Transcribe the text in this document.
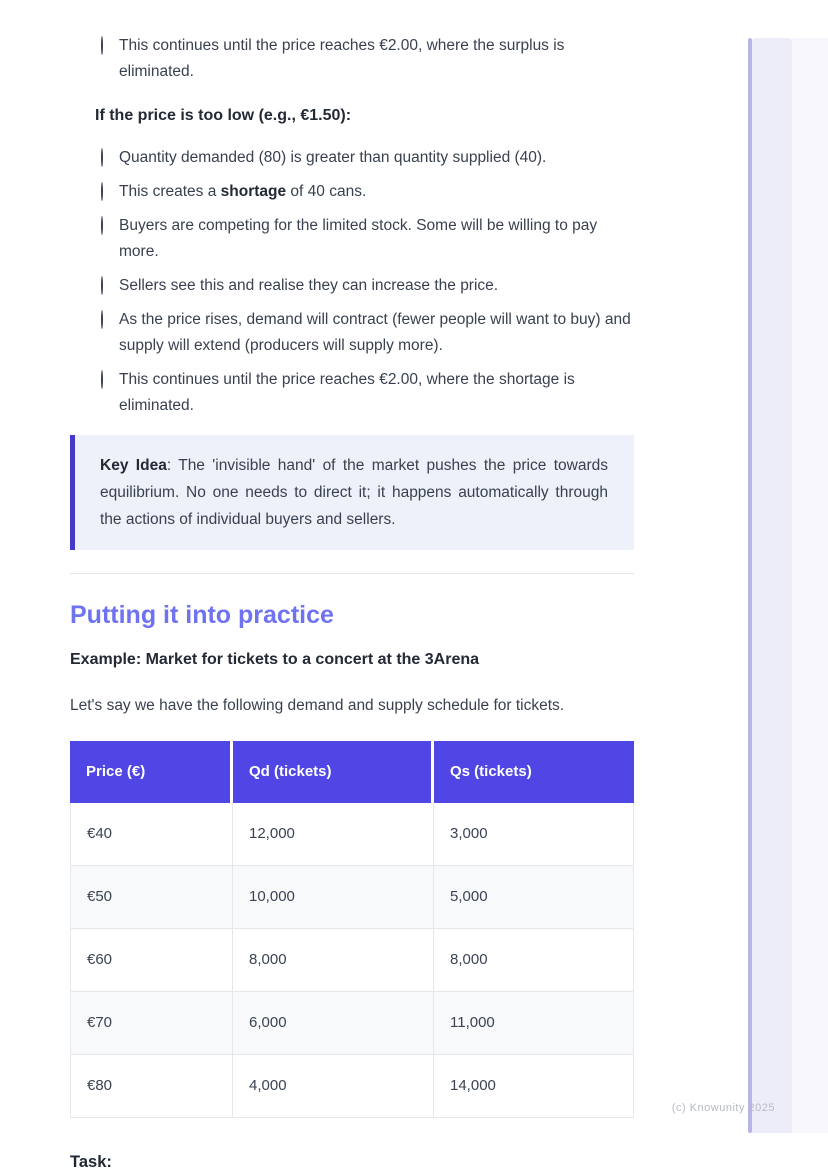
This continues until the price reaches €2.00, where the surplus is eliminated.
If the price is too low (e.g., €1.50):
Quantity demanded (80) is greater than quantity supplied (40).
This creates a shortage of 40 cans.
Buyers are competing for the limited stock. Some will be willing to pay more.
Sellers see this and realise they can increase the price.
As the price rises, demand will contract (fewer people will want to buy) and supply will extend (producers will supply more).
This continues until the price reaches €2.00, where the shortage is eliminated.
Key Idea: The 'invisible hand' of the market pushes the price towards equilibrium. No one needs to direct it; it happens automatically through the actions of individual buyers and sellers.
Putting it into practice
Example: Market for tickets to a concert at the 3Arena

Let's say we have the following demand and supply schedule for tickets.

Price (€)	Qd (tickets)	Qs (tickets)
€40	12,000	3,000
€50	10,000	5,000
€60	8,000	8,000
€70	6,000	11,000
€80	4,000	14,000
Task:
(c) Knowunity 2025
